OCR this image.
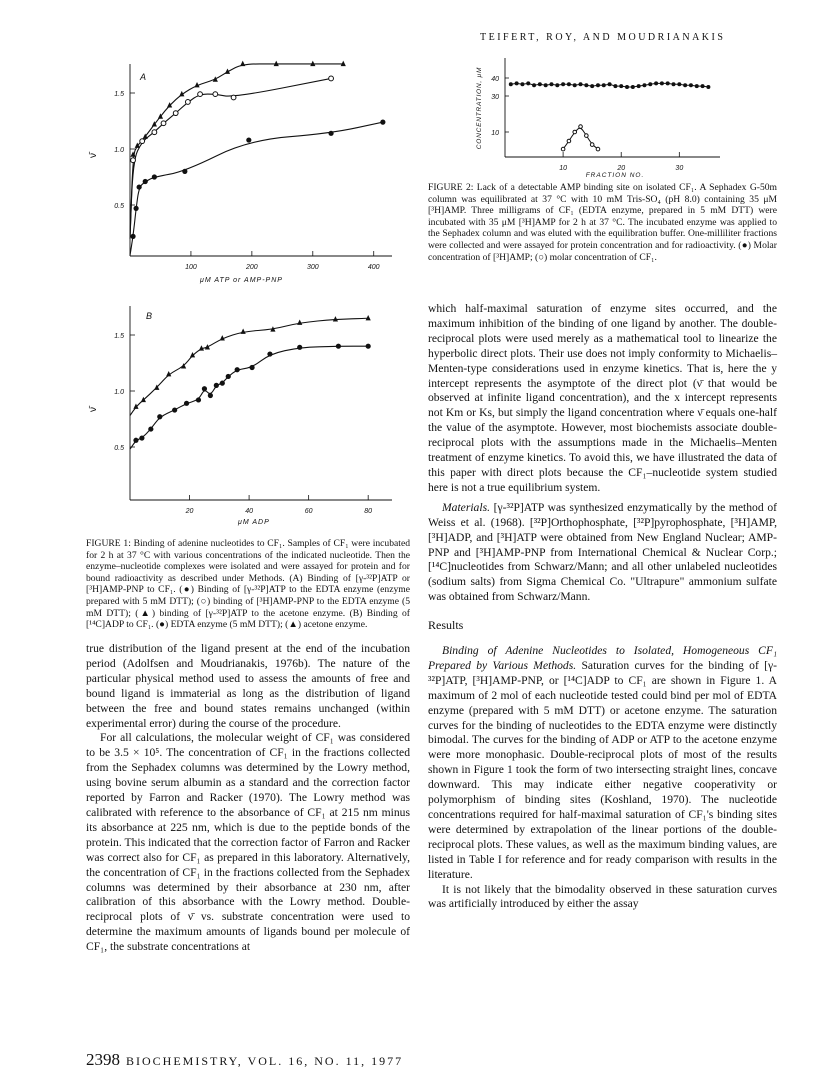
TEIFERT, ROY, AND MOUDRIANAKIS
A
1.5
1.0
0.5
100	200	300	400
ν̄
μM ATP or AMP-PNP
B
1.5
1.0
0.5
20	40	60	80
ν̄
μM ADP
40
30
10
10	20	30
CONCENTRATION, μM
FRACTION NO.
FIGURE 2: Lack of a detectable AMP binding site on isolated CF₁. A Sephadex G-50m column was equilibrated at 37 °C with 10 mM Tris-SO₄ (pH 8.0) containing 35 μM [³H]AMP. Three milligrams of CF₁ (EDTA enzyme, prepared in 5 mM DTT) were incubated with 35 μM [³H]AMP for 2 h at 37 °C. The incubated enzyme was applied to the Sephadex column and was eluted with the equilibration buffer. One-milliliter fractions were collected and were assayed for protein concentration and for radioactivity. (●) Molar concentration of [³H]AMP; (○) molar concentration of CF₁.
FIGURE 1: Binding of adenine nucleotides to CF₁. Samples of CF₁ were incubated for 2 h at 37 °C with various concentrations of the indicated nucleotide. Then the enzyme–nucleotide complexes were isolated and were assayed for protein and for bound radioactivity as described under Methods. (A) Binding of [γ-³²P]ATP or [³H]AMP-PNP to CF₁. (●) Binding of [γ-³²P]ATP to the EDTA enzyme (enzyme prepared with 5 mM DTT); (○) binding of [³H]AMP-PNP to the EDTA enzyme (5 mM DTT); (▲) binding of [γ-³²P]ATP to the acetone enzyme. (B) Binding of [¹⁴C]ADP to CF₁. (●) EDTA enzyme (5 mM DTT); (▲) acetone enzyme.

true distribution of the ligand present at the end of the incubation period (Adolfsen and Moudrianakis, 1976b). The nature of the particular physical method used to assess the amounts of free and bound ligand is immaterial as long as the distribution of ligand between the free and bound states remains unchanged (within experimental error) during the course of the procedure.

For all calculations, the molecular weight of CF₁ was considered to be 3.5 × 10⁵. The concentration of CF₁ in the fractions collected from the Sephadex columns was determined by the Lowry method, using bovine serum albumin as a standard and the correction factor reported by Farron and Racker (1970). The Lowry method was calibrated with reference to the absorbance of CF₁ at 215 nm minus its absorbance at 225 nm, which is due to the peptide bonds of the protein. This indicated that the correction factor of Farron and Racker was correct also for CF₁ as prepared in this laboratory. Alternatively, the concentration of CF₁ in the fractions collected from the Sephadex columns was determined by their absorbance at 230 nm, after calibration of this absorbance with the Lowry method. Double-reciprocal plots of ν̄ vs. substrate concentration were used to determine the maximum amounts of ligands bound per molecule of CF₁, the substrate concentrations at

which half-maximal saturation of enzyme sites occurred, and the maximum inhibition of the binding of one ligand by another. The double-reciprocal plots were used merely as a mathematical tool to linearize the hyperbolic direct plots. Their use does not imply conformity to Michaelis–Menten-type considerations used in enzyme kinetics. That is, here the y intercept represents the asymptote of the direct plot (ν̄ that would be observed at infinite ligand concentration), and the x intercept represents not Km or Ks, but simply the ligand concentration where ν̄ equals one-half the value of the asymptote. However, most biochemists associate double-reciprocal plots with the assumptions made in the Michaelis–Menten treatment of enzyme kinetics. To avoid this, we have illustrated the data of this paper with direct plots because the CF₁–nucleotide system studied here is not a true equilibrium system.

Materials. [γ-³²P]ATP was synthesized enzymatically by the method of Weiss et al. (1968). [³²P]Orthophosphate, [³²P]pyrophosphate, [³H]AMP, [³H]ADP, and [³H]ATP were obtained from New England Nuclear; AMP-PNP and [³H]AMP-PNP from International Chemical & Nuclear Corp.; [¹⁴C]nucleotides from Schwarz/Mann; and all other unlabeled nucleotides (sodium salts) from Sigma Chemical Co. "Ultrapure" ammonium sulfate was obtained from Schwarz/Mann.

Results

Binding of Adenine Nucleotides to Isolated, Homogeneous CF₁ Prepared by Various Methods. Saturation curves for the binding of [γ-³²P]ATP, [³H]AMP-PNP, or [¹⁴C]ADP to CF₁ are shown in Figure 1. A maximum of 2 mol of each nucleotide tested could bind per mol of EDTA enzyme (prepared with 5 mM DTT) or acetone enzyme. The saturation curves for the binding of nucleotides to the EDTA enzyme were distinctly bimodal. The curves for the binding of ADP or ATP to the acetone enzyme were more monophasic. Double-reciprocal plots of most of the results shown in Figure 1 took the form of two intersecting straight lines, concave downward. This may indicate either negative cooperativity or polymorphism of binding sites (Koshland, 1970). The nucleotide concentrations required for half-maximal saturation of CF₁'s binding sites were determined by extrapolation of the linear portions of the double-reciprocal plots. These values, as well as the maximum binding values, are listed in Table I for reference and for ready comparison with results in the literature.

It is not likely that the bimodality observed in these saturation curves was artificially introduced by either the assay

2398 BIOCHEMISTRY, VOL. 16, NO. 11, 1977
